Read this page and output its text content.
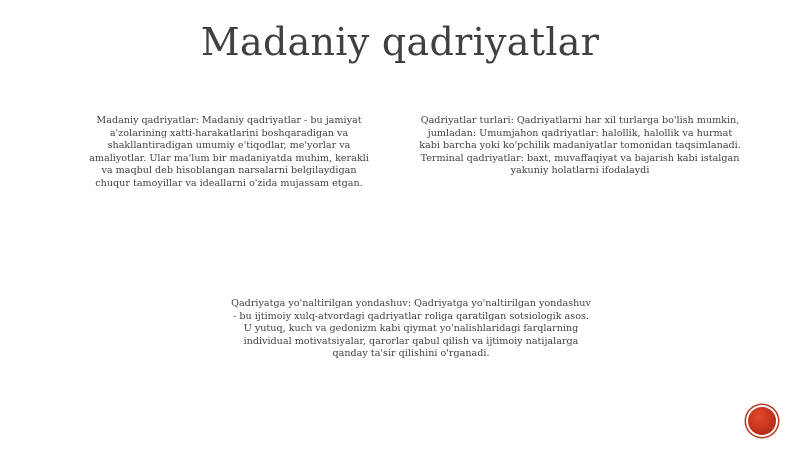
Madaniy qadriyatlar
Madaniy qadriyatlar: Madaniy qadriyatlar - bu jamiyat a'zolarining xatti-harakatlarini boshqaradigan va shakllantiradigan umumiy e'tiqodlar, me'yorlar va amaliyotlar. Ular ma'lum bir madaniyatda muhim, kerakli va maqbul deb hisoblangan narsalarni belgilaydigan chuqur tamoyillar va ideallarni o'zida mujassam etgan.
Qadriyatlar turlari: Qadriyatlarni har xil turlarga bo'lish mumkin, jumladan: Umumjahon qadriyatlar: halollik, halollik va hurmat kabi barcha yoki ko'pchilik madaniyatlar tomonidan taqsimlanadi. Terminal qadriyatlar: baxt, muvaffaqiyat va bajarish kabi istalgan yakuniy holatlarni ifodalaydi
Qadriyatga yo'naltirilgan yondashuv: Qadriyatga yo'naltirilgan yondashuv - bu ijtimoiy xulq-atvordagi qadriyatlar roliga qaratilgan sotsiologik asos. U yutuq, kuch va gedonizm kabi qiymat yo'nalishlaridagi farqlarning individual motivatsiyalar, qarorlar qabul qilish va ijtimoiy natijalarga qanday ta'sir qilishini o'rganadi.
